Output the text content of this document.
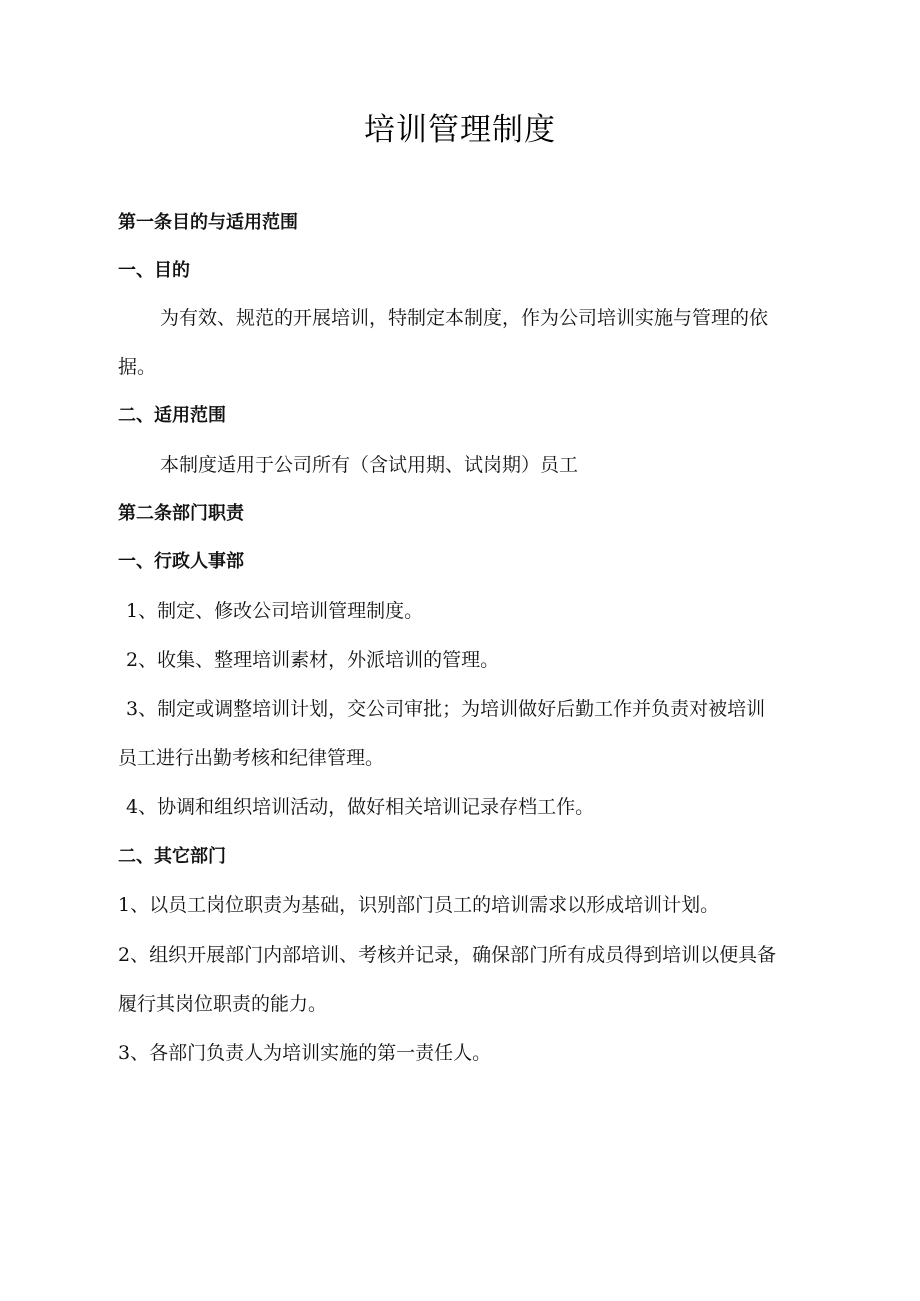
培训管理制度
第一条目的与适用范围
一、目的
为有效、规范的开展培训，特制定本制度，作为公司培训实施与管理的依
据。
二、适用范围
本制度适用于公司所有（含试用期、试岗期）员工
第二条部门职责
一、行政人事部
1、制定、修改公司培训管理制度。
2、收集、整理培训素材，外派培训的管理。
3、制定或调整培训计划，交公司审批；为培训做好后勤工作并负责对被培训
员工进行出勤考核和纪律管理。
4、协调和组织培训活动，做好相关培训记录存档工作。
二、其它部门
1、以员工岗位职责为基础，识别部门员工的培训需求以形成培训计划。
2、组织开展部门内部培训、考核并记录，确保部门所有成员得到培训以便具备
履行其岗位职责的能力。
3、各部门负责人为培训实施的第一责任人。
